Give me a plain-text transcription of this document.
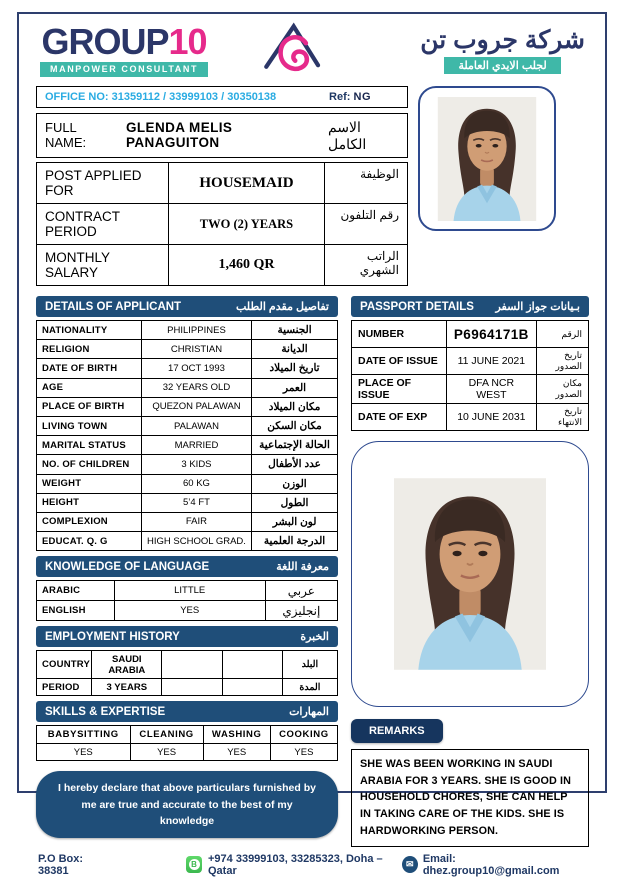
GROUP10
MANPOWER CONSULTANT
شركة جروب تن
لجلب الايدي العاملة
OFFICE NO: 31359112 / 33999103 / 30350138	Ref: NG
FULL NAME:
GLENDA MELIS PANAGUITON
الاسم الكامل
POST APPLIED FOR	HOUSEMAID	الوظيفة
CONTRACT PERIOD	TWO (2) YEARS	رقم التلفون
MONTHLY SALARY	1,460 QR	الراتب الشهري
DETAILS OF APPLICANT	تفاصيل مقدم الطلب
NATIONALITY	PHILIPPINES	الجنسية
RELIGION	CHRISTIAN	الديانة
DATE OF BIRTH	17 OCT 1993	تاريخ الميلاد
AGE	32 YEARS OLD	العمر
PLACE OF BIRTH	QUEZON PALAWAN	مكان الميلاد
LIVING TOWN	PALAWAN	مكان السكن
MARITAL STATUS	MARRIED	الحالة الإجتماعية
NO. OF CHILDREN	3 KIDS	عدد الأطفال
WEIGHT	60 KG	الوزن
HEIGHT	5’4 FT	الطول
COMPLEXION	FAIR	لون البشر
EDUCAT. Q. G	HIGH SCHOOL GRAD.	الدرجة العلمية
KNOWLEDGE OF LANGUAGE	معرفة اللغة
ARABIC	LITTLE	عربي
ENGLISH	YES	إنجليزي
EMPLOYMENT HISTORY	الخبرة
COUNTRY	SAUDI ARABIA			البلد
PERIOD	3 YEARS			المدة
SKILLS & EXPERTISE	المهارات
BABYSITTING	CLEANING	WASHING	COOKING
YES	YES	YES	YES
I hereby declare that above particulars furnished by me are true and accurate to the best of my knowledge
PASSPORT DETAILS بـيانات جواز السفر
NUMBER	P6964171B	الرقم
DATE OF ISSUE	11 JUNE 2021	تاريخ الصدور
PLACE OF ISSUE	DFA NCR WEST	مكان الصدور
DATE OF EXP	10 JUNE 2031	تاريخ الانتهاء
REMARKS
SHE WAS BEEN WORKING IN SAUDI ARABIA FOR 3 YEARS. SHE IS GOOD IN HOUSEHOLD CHORES, SHE CAN HELP IN TAKING CARE OF THE KIDS. SHE IS HARDWORKING PERSON.
P.O Box: 38381	B +974 33999103, 33285323, Doha – Qatar
✉ Email: dhez.group10@gmail.com
